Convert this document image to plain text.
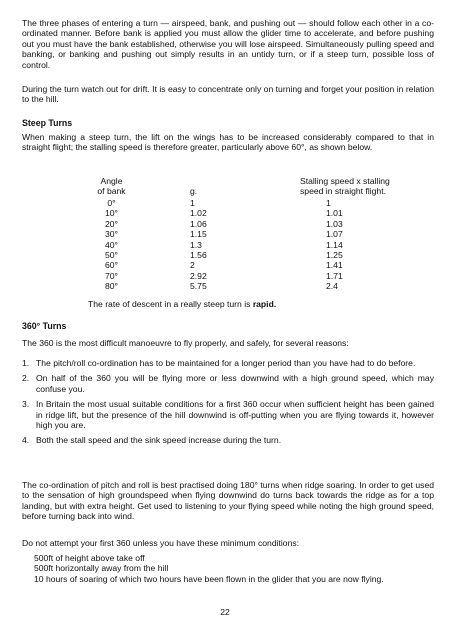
The three phases of entering a turn — airspeed, bank, and pushing out — should follow each other in a co-ordinated manner. Before bank is applied you must allow the glider time to accelerate, and before pushing out you must have the bank established, otherwise you will lose airspeed. Simultaneously pulling speed and banking, or banking and pushing out simply results in an untidy turn, or if a steep turn, possible loss of control.

During the turn watch out for drift. It is easy to concentrate only on turning and forget your position in relation to the hill.

Steep Turns

When making a steep turn, the lift on the wings has to be increased considerably compared to that in straight flight; the stalling speed is therefore greater, particularly above 60°, as shown below.

Angle
of bank
0°
10°
20°
30°
40°
50°
60°
70°
80°

g.
1
1.02
1.06
1.15
1.3
1.56
2
2.92
5.75
Stalling speed x stalling
speed in straight flight.
1
1.01
1.03
1.07
1.14
1.25
1.41
1.71
2.4
The rate of descent in a really steep turn is rapid.

360° Turns

The 360 is the most difficult manoeuvre to fly properly, and safely, for several reasons:

1. The pitch/roll co-ordination has to be maintained for a longer period than you have had to do before.
2. On half of the 360 you will be flying more or less downwind with a high ground speed, which may confuse you.
3. In Britain the most usual suitable conditions for a first 360 occur when sufficient height has been gained in ridge lift, but the presence of the hill downwind is off-putting when you are flying towards it, however high you are.
4. Both the stall speed and the sink speed increase during the turn.

The co-ordination of pitch and roll is best practised doing 180° turns when ridge soaring. In order to get used to the sensation of high groundspeed when flying downwind do turns back towards the ridge as for a top landing, but with extra height. Get used to listening to your flying speed while noting the high ground speed, before turning back into wind.

Do not attempt your first 360 unless you have these minimum conditions:

500ft of height above take off
500ft horizontally away from the hill
10 hours of soaring of which two hours have been flown in the glider that you are now flying.
22
